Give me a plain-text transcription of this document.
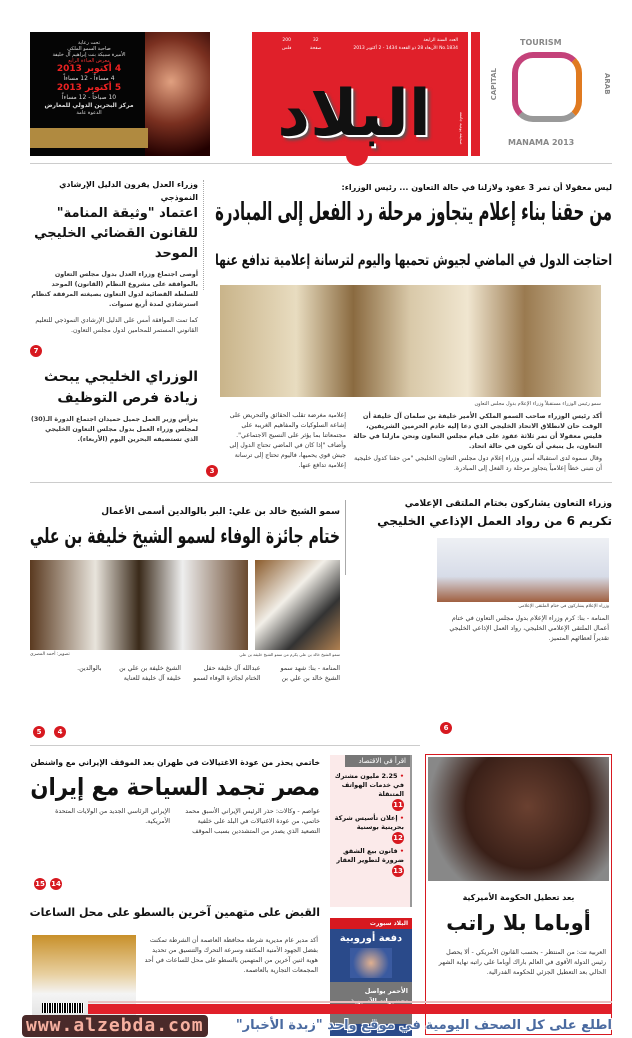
تحت رعاية
صاحبة السمو الملكي
الأميرة سبيكة بنت إبراهيم آل خليفة
معرض العباءة الرابع
4 أكتوبر 2013
4 مساءاً - 12 مساءاً
5 أكتوبر 2013
10 صباحاً - 12 مساءاً
مركز البحرين الدولي للمعارض
الدعوة عامة
العدد السنة الرابعة
No.1834 الأربعاء 28 ذو القعدة 1434 - 2 أكتوبر 2013
32
صفحة
200
فلس
البلاد	صحيفة يومية جامعة
TOURISM
CAPITAL	ARAB
MANAMA 2013
ليس معقولا أن تمر 3 عقود ولازلنا في حالة التعاون ... رئيس الوزراء:
من حقنا بناء إعلام يتجاوز مرحلة رد الفعل إلى المبادرة
احتاجت الدول في الماضي لجيوش تحميها واليوم لترسانة إعلامية تدافع عنها
سمو رئيس الوزراء مستقبلاً وزراء الإعلام بدول مجلس التعاون
أكد رئيس الوزراء صاحب السمو الملكي الأمير خليفة بن سلمان آل خليفة أن الوقت حان لانطلاق الاتحاد الخليجي الذي دعا إليه خادم الحرمين الشريفين، فليس معقولا أن تمر ثلاثة عقود على قيام مجلس التعاون ونحن مازلنا في حالة التعاون، بل ينبغي أن نكون في حالة اتحاد.
وقال سموه لدى استقباله أمس وزراء إعلام دول مجلس التعاون الخليجي "من حقنا كدول خليجية أن نتبنى خطاً إعلامياً يتجاوز مرحلة رد الفعل إلى المبادرة.
إعلامية مغرضة تقلب الحقائق والتحريض على إشاعة السلوكيات والمفاهيم الغريبة على مجتمعاتنا بما يؤثر على النسيج الاجتماعي". وأضاف "إذا كان في الماضي تحتاج الدول إلى جيش قوي يحميها، فاليوم تحتاج إلى ترسانة إعلامية تدافع عنها.
3
وزراء العدل يقرون الدليل الإرشادي النموذجي
اعتماد "وثيقة المنامة" للقانون القضائي الخليجي الموحد
أوصى اجتماع وزراء العدل بدول مجلس التعاون بالموافقة على مشروع النظام (القانون) الموحد للسلطة القضائية لدول التعاون بصيغته المرفقة كنظام استرشادي لمدة أربع سنوات.
كما تمت الموافقة أمس على الدليل الإرشادي النموذجي للتعليم القانوني المستمر للمحامين لدول مجلس التعاون.
7
الوزراي الخليجي يبحث زيادة فرص التوظيف
يترأس وزير العمل جميل حميدان اجتماع الدورة الـ(30) لمجلس وزراء العمل بدول مجلس التعاون الخليجي الذي تستضيفه البحرين اليوم (الأربعاء).
وزراء التعاون يشاركون بختام الملتقى الإعلامي
تكريم 6 من رواد العمل الإذاعي الخليجي
وزراء الإعلام يشاركون في ختام الملتقى الإعلامي
المنامة - بنا: كرم وزراء الإعلام بدول مجلس التعاون في ختام أعمال الملتقى الإعلامي الخليجي، رواد العمل الإذاعي الخليجي تقديراً لعطائهم المتميز.
6
سمو الشيخ خالد بن علي: البر بالوالدين أسمى الأعمال
ختام جائزة الوفاء لسمو الشيخ خليفة بن علي
سمو الشيخ خالد بن علي يكرم من سمو الشيخ خليفة بن علي
تصوير: أحمد المصري
المنامة - بنا: شهد سمو الشيخ خالد بن علي بن عبدالله آل خليفة حفل الختام لجائزة الوفاء لسمو الشيخ خليفة بن علي بن خليفة آل خليفة للعناية بالوالدين.
4
5
خاتمي يحذر من عودة الاغتيالات في طهران بعد الموقف الإيراني مع واشنطن
مصر تجمد السياحة مع إيران
عواصم - وكالات: حذر الرئيس الإيراني الأسبق محمد خاتمي، من عودة الاغتيالات في البلد على خلفية التصعيد الذي يصدر من المتشددين بسبب الموقف الإيراني الرئاسي الجديد من الولايات المتحدة الأمريكية.
14
15
اقرأ في الاقتصاد
• 2.25 مليون مشترك في خدمات الهواتف المتنقلة
11
• إعلان تأسيس شركة بحرينية بوسنية
12
• قانون بيع الشقق ضرورة لتطوير العقار
13
البلاد سبورت
دفعة أوروبية
الأحمر يواصل
بعد تعطيل الحكومة الأميركية
أوباما بلا راتب
العربية نت: من المنتظر - بحسب القانون الأمريكي - ألا يحصل رئيس الدولة الأقوى في العالم باراك أوباما على راتبه نهاية الشهر الحالي بعد التعطيل الجزئي للحكومة الفدرالية.
القبض على متهمين آخرين بالسطو على محل الساعات
أكد مدير عام مديرية شرطة محافظة العاصمة أن الشرطة تمكنت بفضل الجهود الأمنية المكثفة وسرعة التحرك والتنسيق من تحديد هوية اثنين آخرين من المتهمين بالسطو على محل للساعات في أحد المجمعات التجارية بالعاصمة.
www.alzebda.com	اطلع على كل الصحف اليومية في موقع واحد "زبدة الأخبار"
